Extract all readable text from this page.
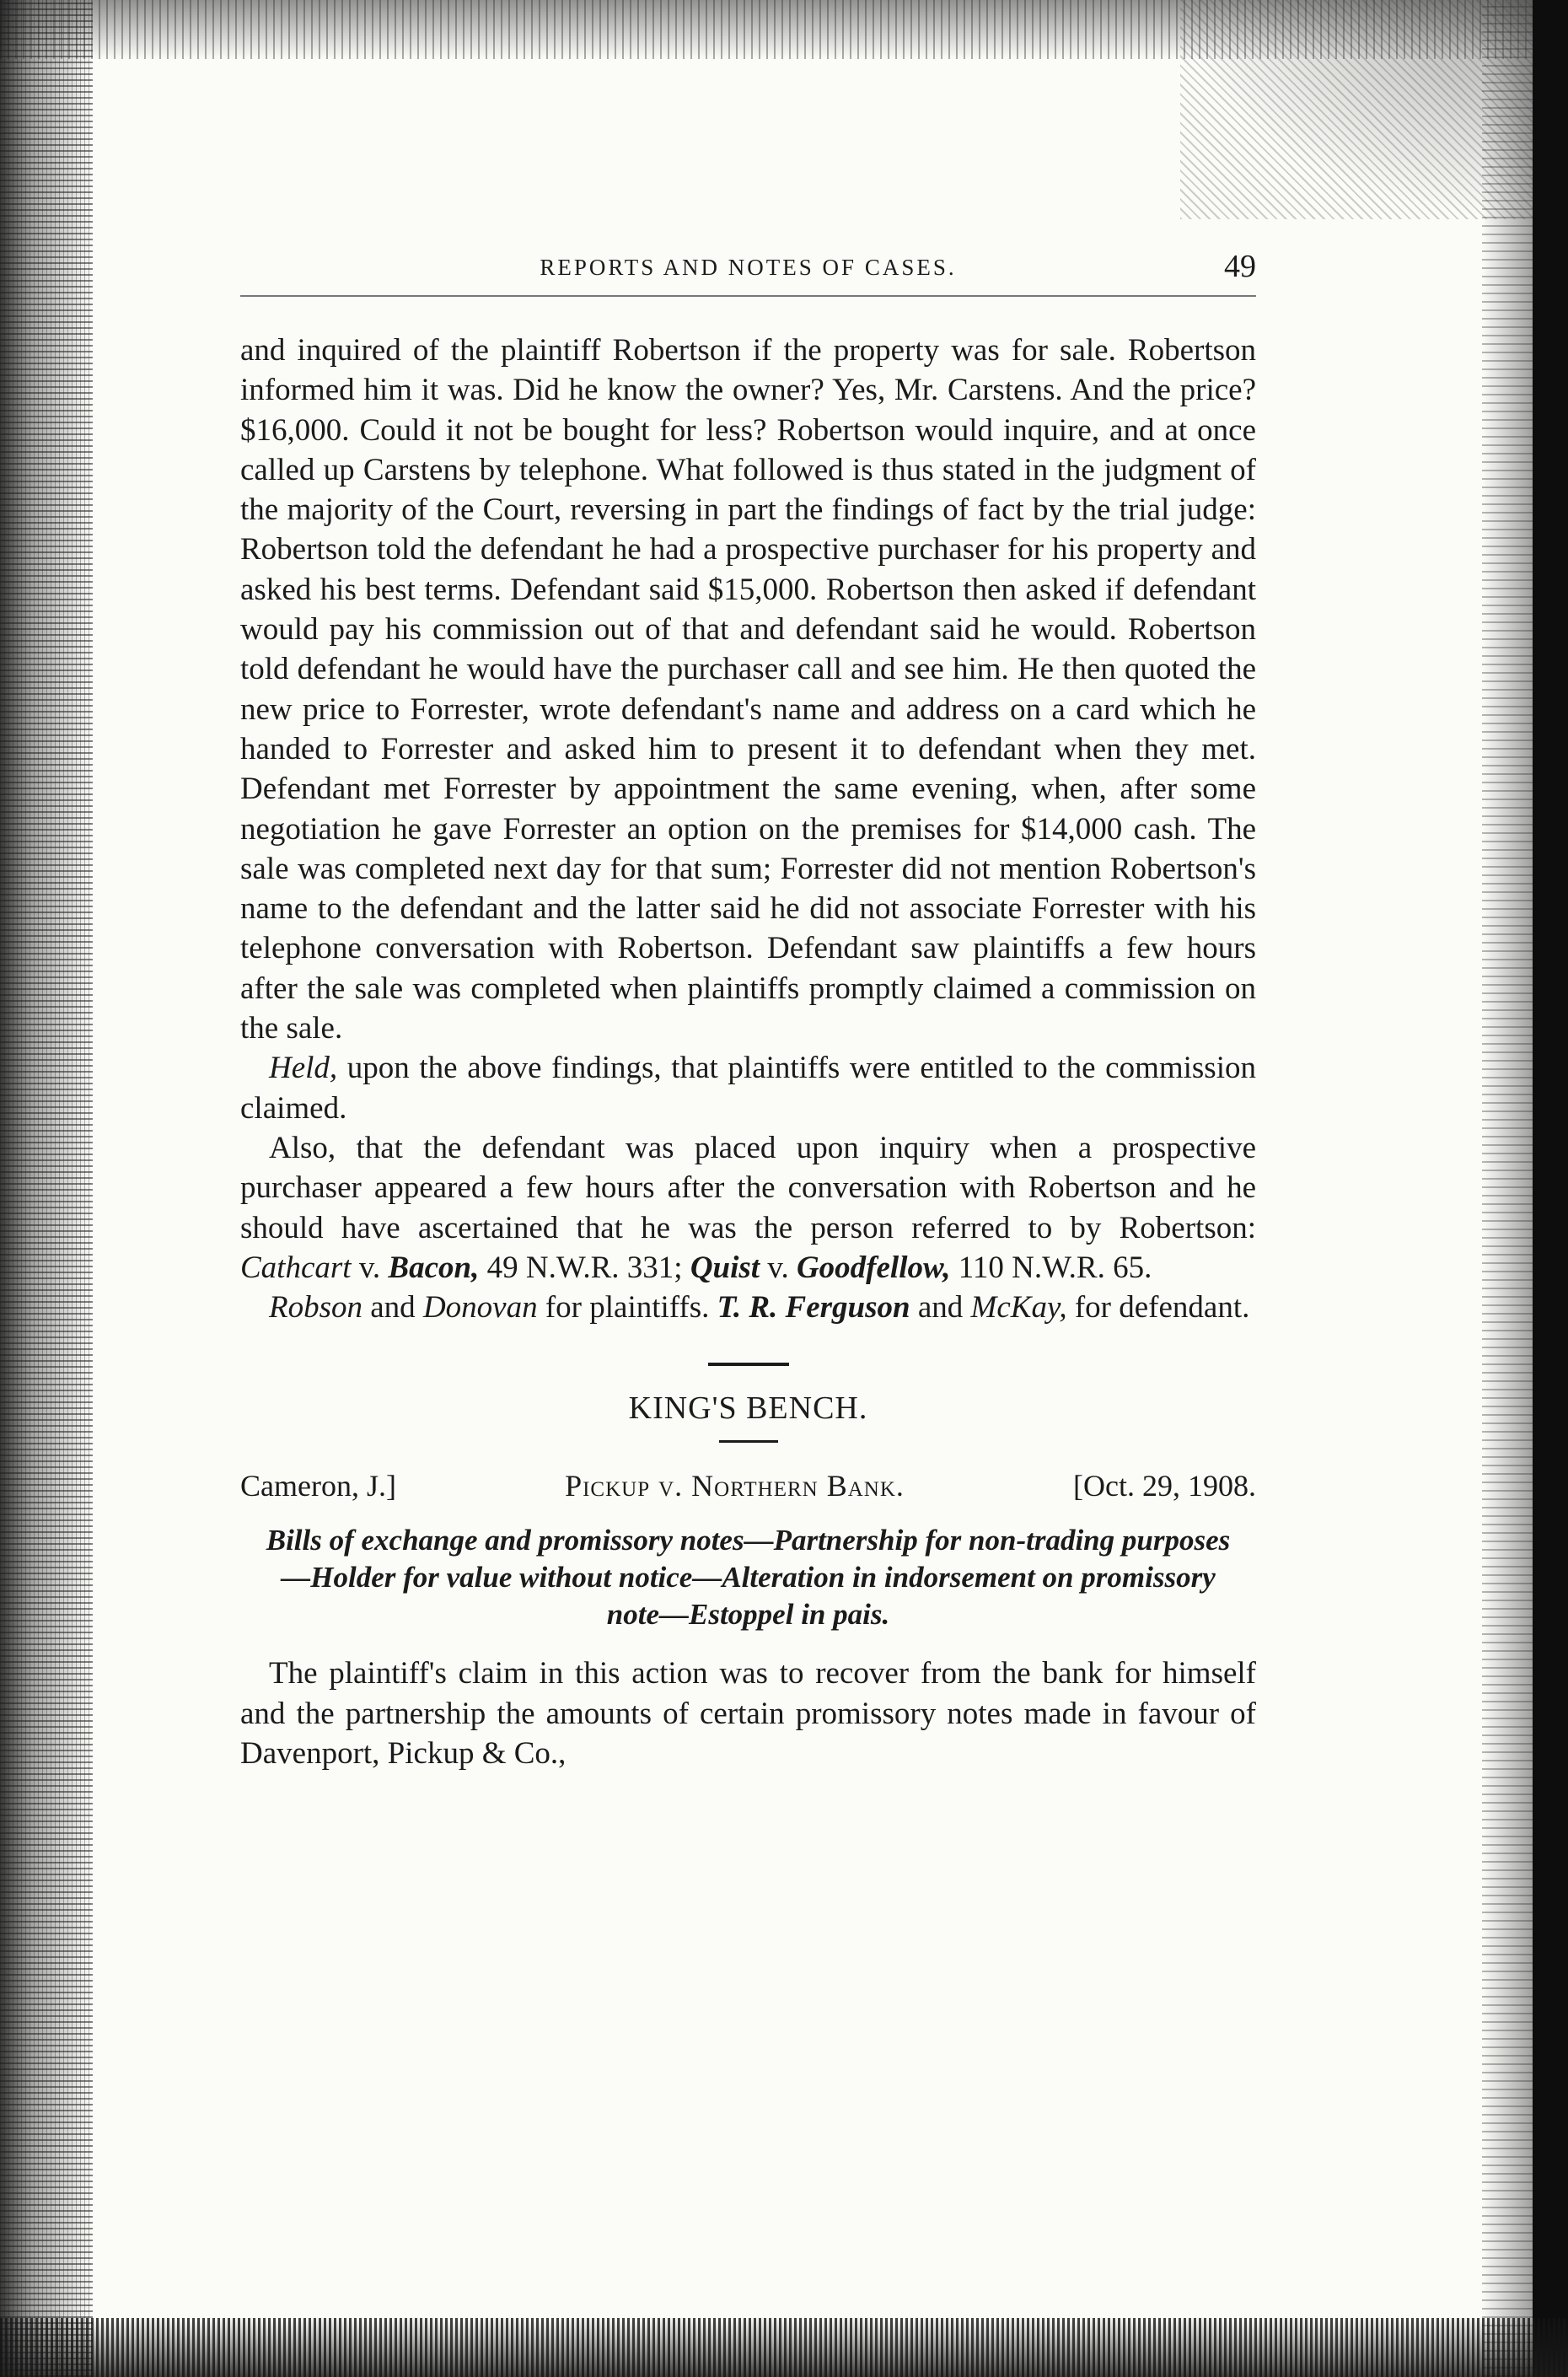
REPORTS AND NOTES OF CASES.	49

and inquired of the plaintiff Robertson if the property was for sale. Robertson informed him it was. Did he know the owner? Yes, Mr. Carstens. And the price? $16,000. Could it not be bought for less? Robertson would inquire, and at once called up Carstens by telephone. What followed is thus stated in the judgment of the majority of the Court, reversing in part the findings of fact by the trial judge: Robertson told the defendant he had a prospective purchaser for his property and asked his best terms. Defendant said $15,000. Robertson then asked if defendant would pay his commission out of that and defendant said he would. Robertson told defendant he would have the purchaser call and see him. He then quoted the new price to Forrester, wrote defendant's name and address on a card which he handed to Forrester and asked him to present it to defendant when they met. Defendant met Forrester by appointment the same evening, when, after some negotiation he gave Forrester an option on the premises for $14,000 cash. The sale was completed next day for that sum; Forrester did not mention Robertson's name to the defendant and the latter said he did not associate Forrester with his telephone conversation with Robertson. Defendant saw plaintiffs a few hours after the sale was completed when plaintiffs promptly claimed a commission on the sale.

Held, upon the above findings, that plaintiffs were entitled to the commission claimed.

Also, that the defendant was placed upon inquiry when a prospective purchaser appeared a few hours after the conversation with Robertson and he should have ascertained that he was the person referred to by Robertson: Cathcart v. Bacon, 49 N.W.R. 331; Quist v. Goodfellow, 110 N.W.R. 65.

Robson and Donovan for plaintiffs. T. R. Ferguson and McKay, for defendant.

KING'S BENCH.
Cameron, J.]	Pickup v. Northern Bank.	[Oct. 29, 1908.
Bills of exchange and promissory notes—Partnership for non-trading purposes—Holder for value without notice—Alteration in indorsement on promissory note—Estoppel in pais.

The plaintiff's claim in this action was to recover from the bank for himself and the partnership the amounts of certain promissory notes made in favour of Davenport, Pickup & Co.,
